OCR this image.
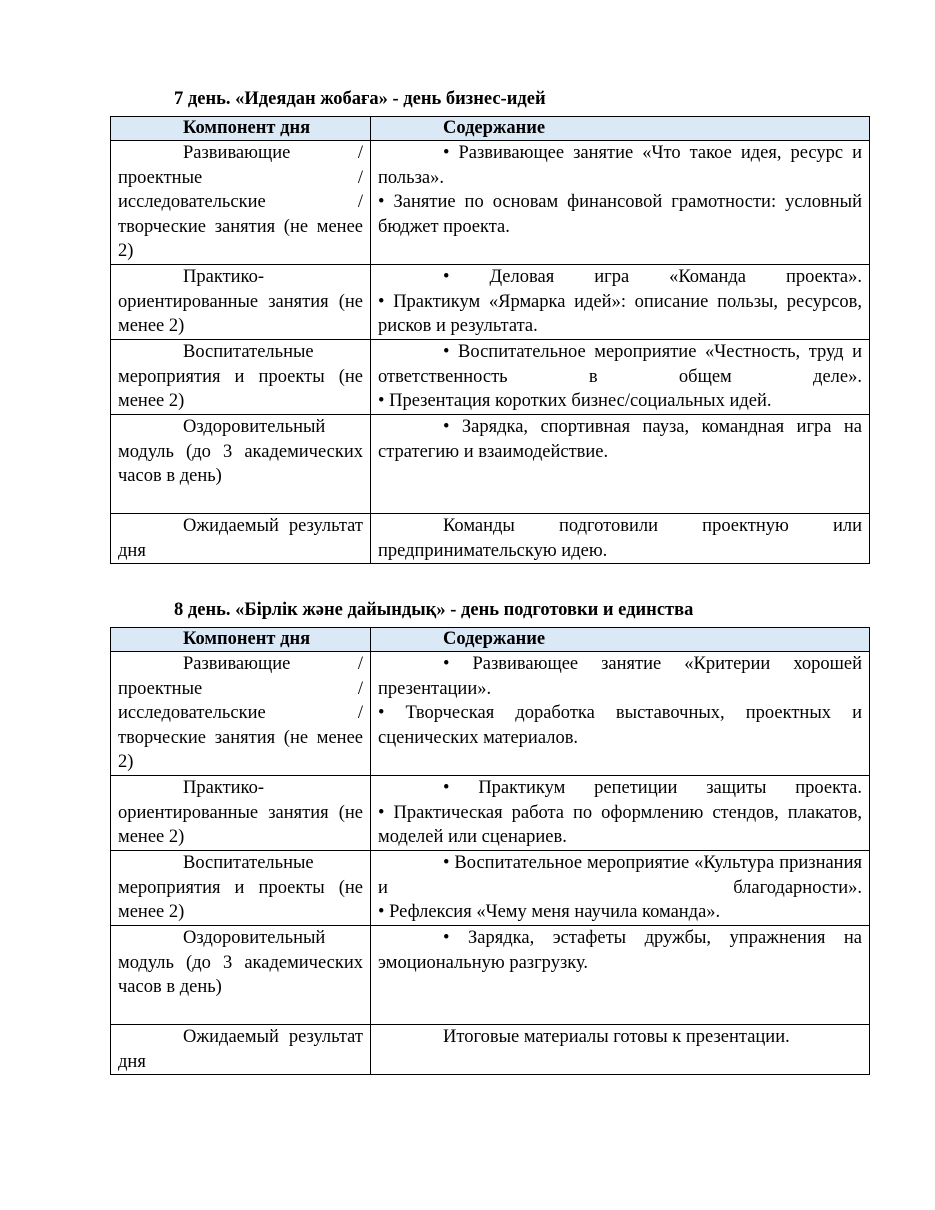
7 день. «Идеядан жобаға» - день бизнес-идей
Компонент дня	Содержание
Развивающие / проектные / исследовательские / творческие занятия (не менее 2)	• Развивающее занятие «Что такое идея, ресурс и польза».
• Занятие по основам финансовой грамотности: условный бюджет проекта.

Практико-ориентированные занятия (не менее 2)	• Деловая игра «Команда проекта».
• Практикум «Ярмарка идей»: описание пользы, ресурсов, рисков и результата.

Воспитательные мероприятия и проекты (не менее 2)	• Воспитательное мероприятие «Честность, труд и ответственность в общем деле».
• Презентация коротких бизнес/социальных идей.

Оздоровительный модуль (до 3 академических часов в день)	• Зарядка, спортивная пауза, командная игра на стратегию и взаимодействие.

Ожидаемый результат дня	Команды подготовили проектную или предпринимательскую идею.
8 день. «Бірлік және дайындық» - день подготовки и единства
Компонент дня	Содержание
Развивающие / проектные / исследовательские / творческие занятия (не менее 2)	• Развивающее занятие «Критерии хорошей презентации».
• Творческая доработка выставочных, проектных и сценических материалов.

Практико-ориентированные занятия (не менее 2)	• Практикум репетиции защиты проекта.
• Практическая работа по оформлению стендов, плакатов, моделей или сценариев.

Воспитательные мероприятия и проекты (не менее 2)	• Воспитательное мероприятие «Культура признания и благодарности».
• Рефлексия «Чему меня научила команда».

Оздоровительный модуль (до 3 академических часов в день)	• Зарядка, эстафеты дружбы, упражнения на эмоциональную разгрузку.

Ожидаемый результат дня	Итоговые материалы готовы к презентации.
